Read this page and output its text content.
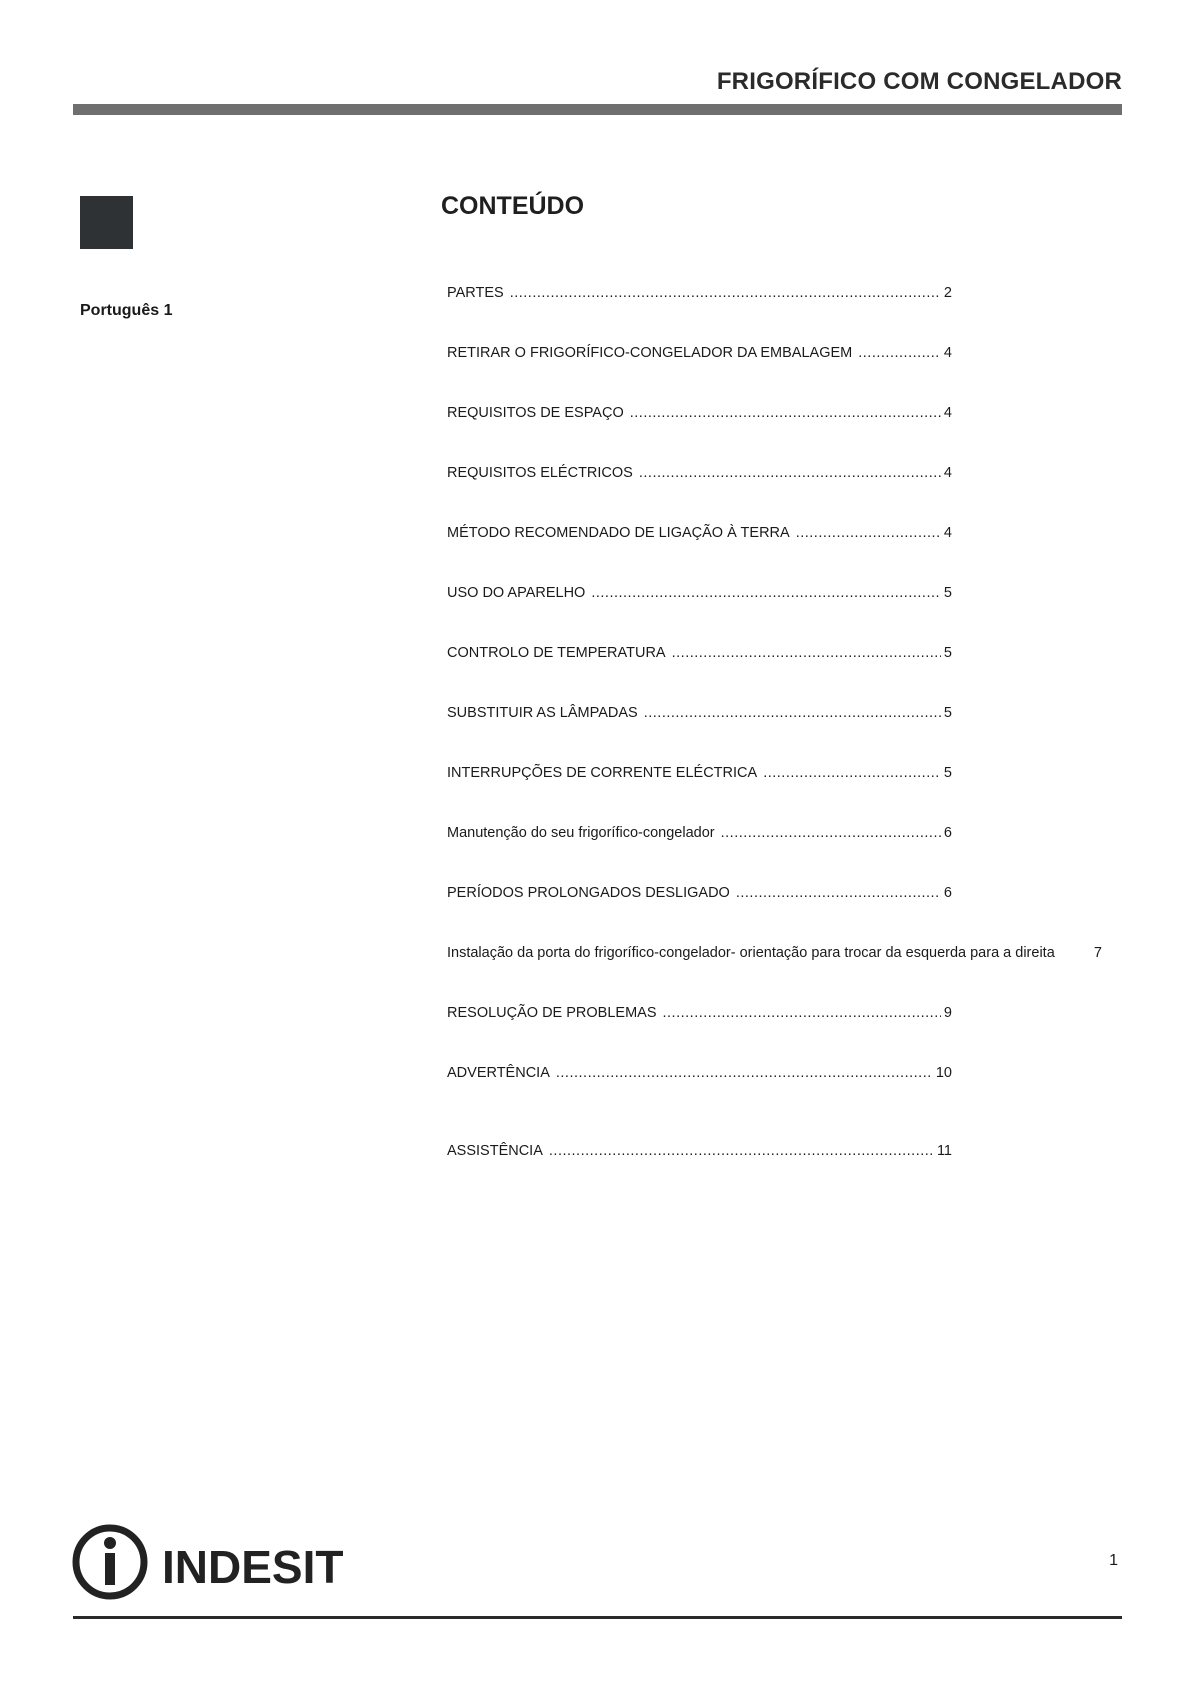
FRIGORÍFICO COM CONGELADOR
Português 1
CONTEÚDO
PARTES .....	2
RETIRAR O FRIGORÍFICO-CONGELADOR DA EMBALAGEM .....	4
REQUISITOS DE ESPAÇO .....	4
REQUISITOS ELÉCTRICOS .....	4
MÉTODO RECOMENDADO DE LIGAÇÃO À TERRA .....	4
USO DO APARELHO .....	5
CONTROLO DE TEMPERATURA .....	5
SUBSTITUIR AS LÂMPADAS .....	5
INTERRUPÇÕES DE CORRENTE ELÉCTRICA .....	5
Manutenção do seu frigorífico-congelador .....	6
PERÍODOS PROLONGADOS DESLIGADO .....	6
Instalação da porta do frigorífico-congelador- orientação para trocar da esquerda para a direita	7
RESOLUÇÃO DE PROBLEMAS .....	9
ADVERTÊNCIA .....	10
ASSISTÊNCIA .....	11
INDESIT	1
